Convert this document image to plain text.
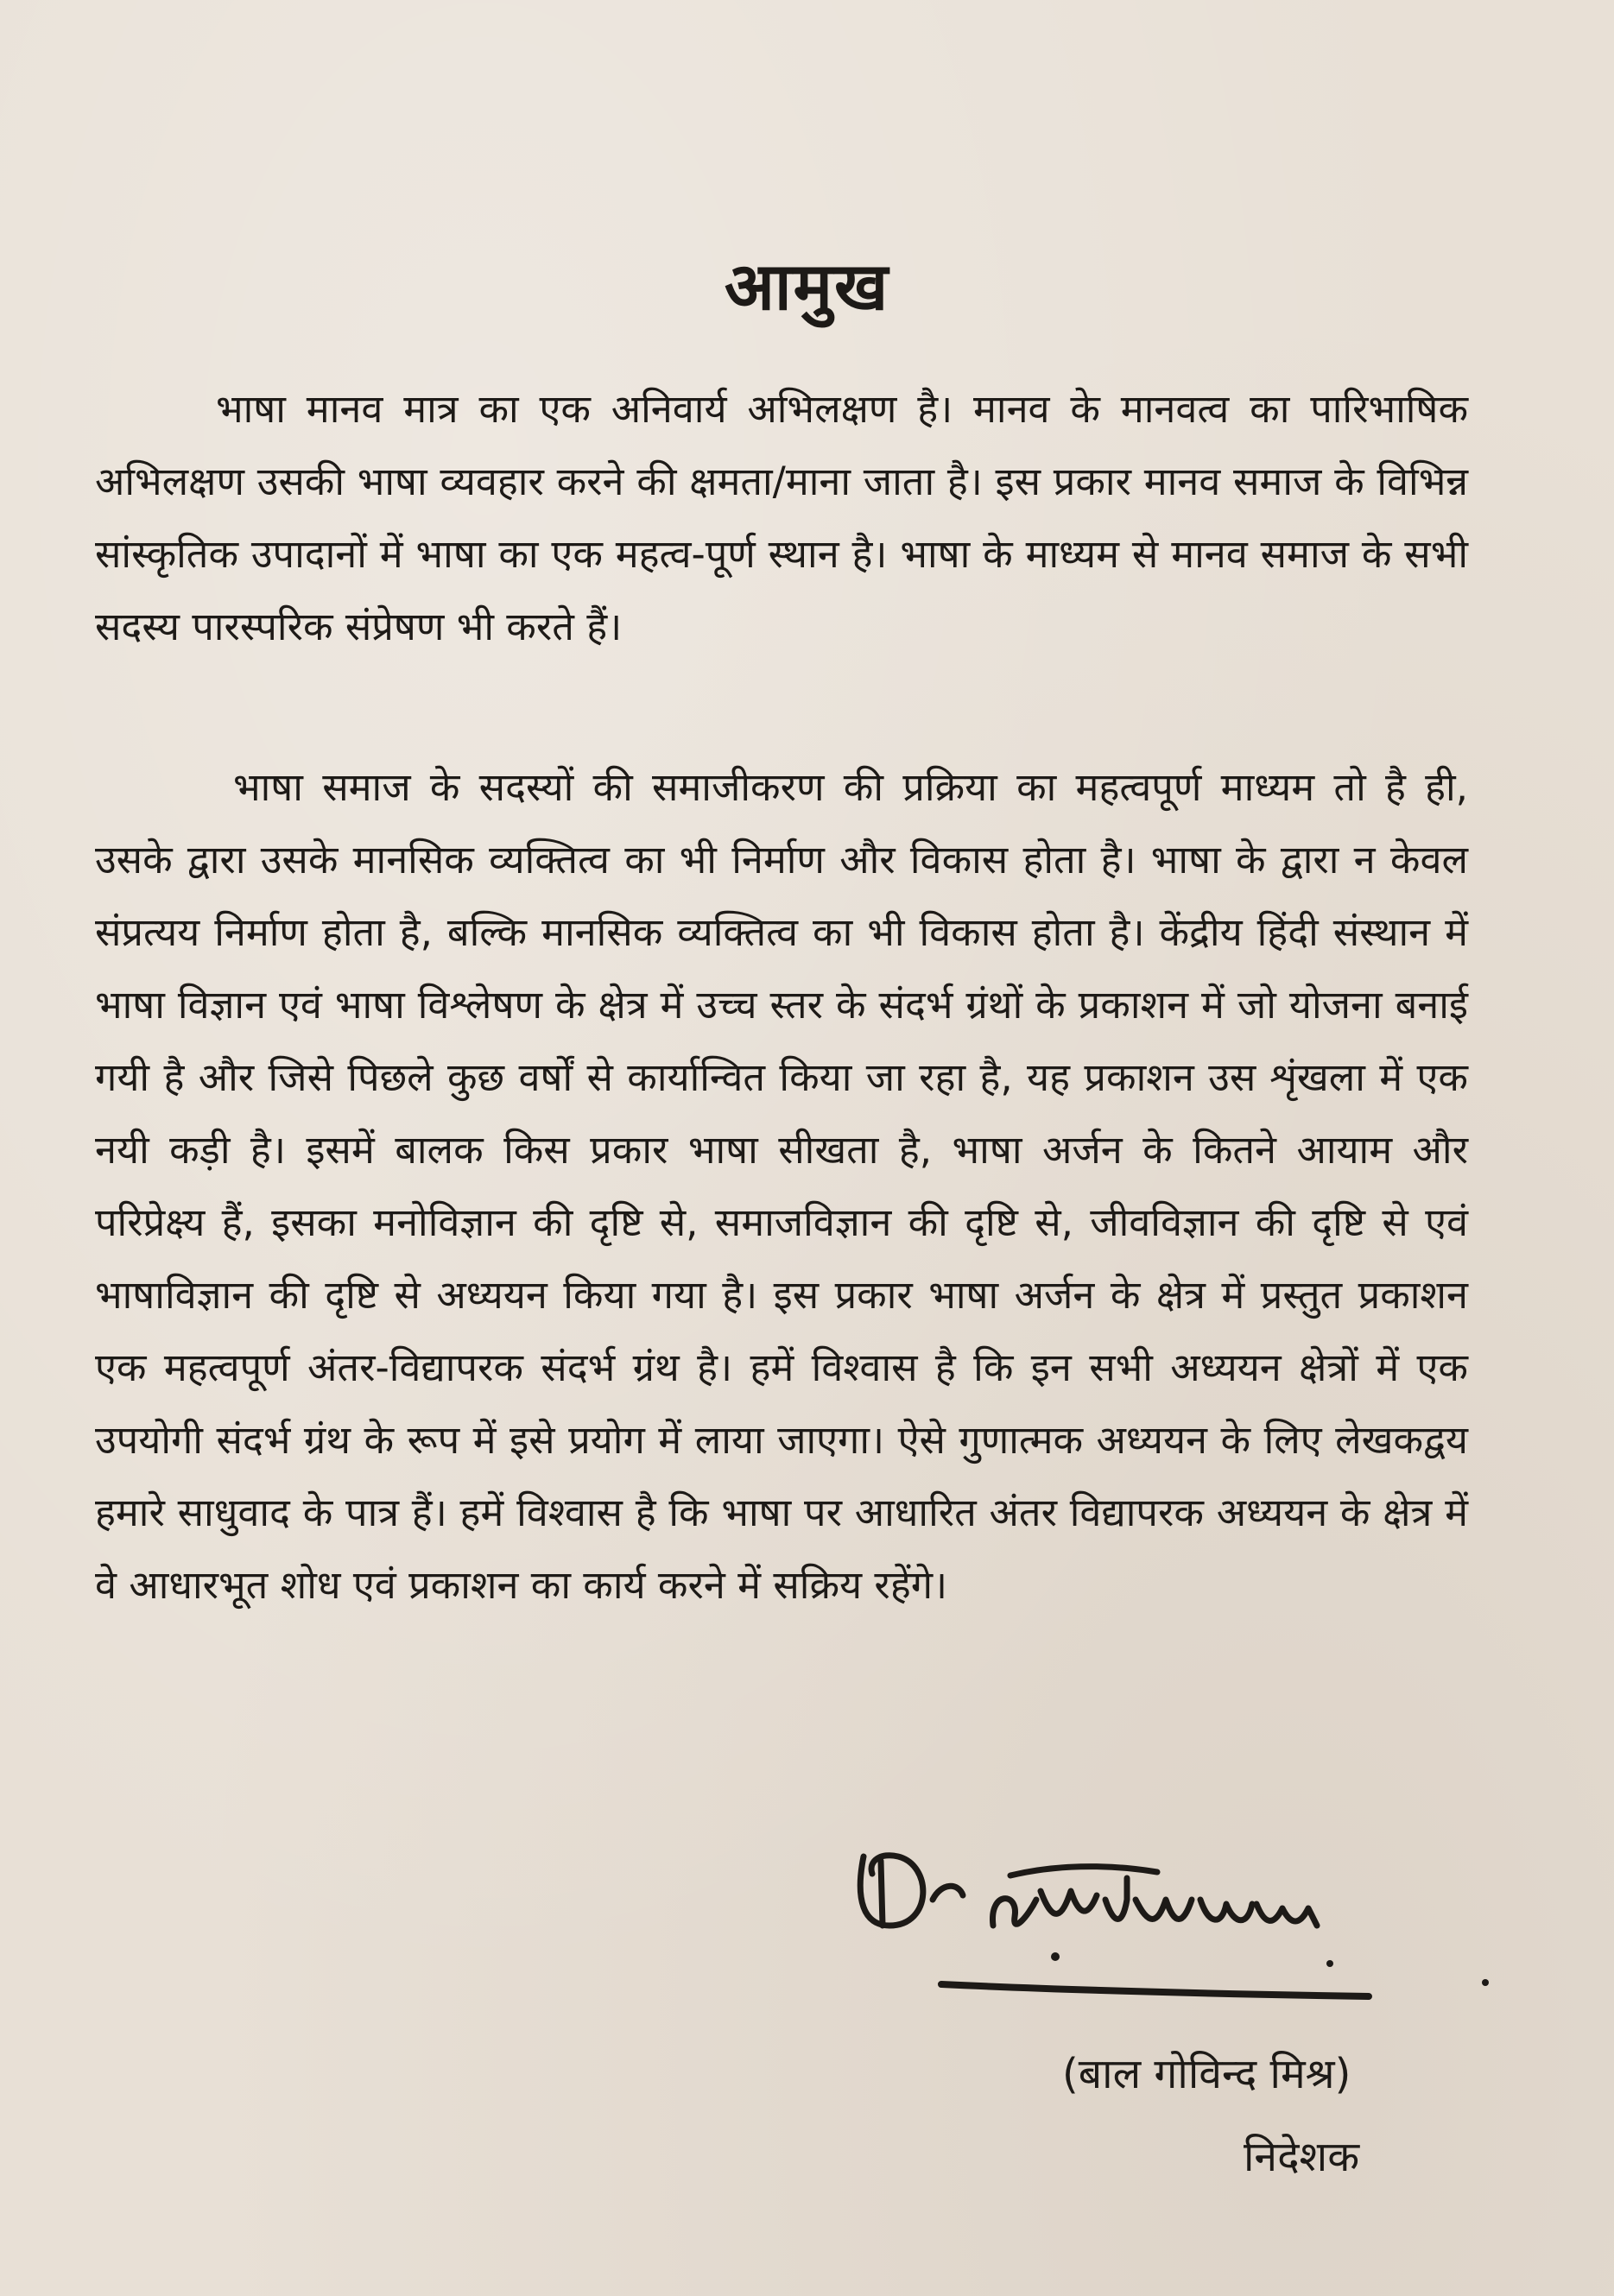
आमुख

भाषा मानव मात्र का एक अनिवार्य अभिलक्षण है। मानव के मानवत्व का पारिभाषिक अभिलक्षण उसकी भाषा व्यवहार करने की क्षमता/माना जाता है। इस प्रकार मानव समाज के विभिन्न सांस्कृतिक उपादानों में भाषा का एक महत्व-पूर्ण स्थान है। भाषा के माध्यम से मानव समाज के सभी सदस्य पारस्परिक संप्रेषण भी करते हैं।

भाषा समाज के सदस्यों की समाजीकरण की प्रक्रिया का महत्वपूर्ण माध्यम तो है ही, उसके द्वारा उसके मानसिक व्यक्तित्व का भी निर्माण और विकास होता है। भाषा के द्वारा न केवल संप्रत्यय निर्माण होता है, बल्कि मानसिक व्यक्तित्व का भी विकास होता है। केंद्रीय हिंदी संस्थान में भाषा विज्ञान एवं भाषा विश्लेषण के क्षेत्र में उच्च स्तर के संदर्भ ग्रंथों के प्रकाशन में जो योजना बनाई गयी है और जिसे पिछले कुछ वर्षों से कार्यान्वित किया जा रहा है, यह प्रकाशन उस शृंखला में एक नयी कड़ी है। इसमें बालक किस प्रकार भाषा सीखता है, भाषा अर्जन के कितने आयाम और परिप्रेक्ष्य हैं, इसका मनोविज्ञान की दृष्टि से, समाजविज्ञान की दृष्टि से, जीवविज्ञान की दृष्टि से एवं भाषाविज्ञान की दृष्टि से अध्ययन किया गया है। इस प्रकार भाषा अर्जन के क्षेत्र में प्रस्तुत प्रकाशन एक महत्वपूर्ण अंतर-विद्यापरक संदर्भ ग्रंथ है। हमें विश्वास है कि इन सभी अध्ययन क्षेत्रों में एक उपयोगी संदर्भ ग्रंथ के रूप में इसे प्रयोग में लाया जाएगा। ऐसे गुणात्मक अध्ययन के लिए लेखकद्वय हमारे साधुवाद के पात्र हैं। हमें विश्वास है कि भाषा पर आधारित अंतर विद्यापरक अध्ययन के क्षेत्र में वे आधारभूत शोध एवं प्रकाशन का कार्य करने में सक्रिय रहेंगे।

(बाल गोविन्द मिश्र)

निदेशक
